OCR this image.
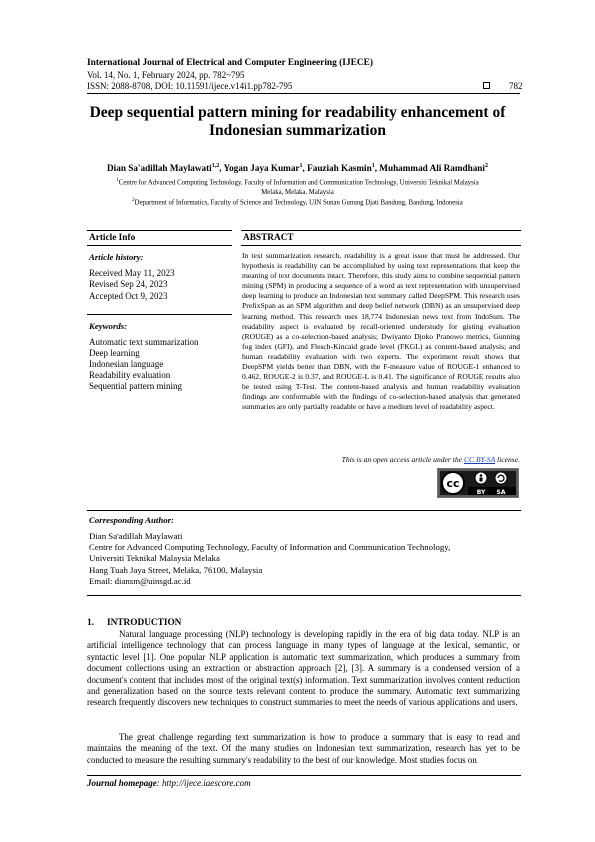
International Journal of Electrical and Computer Engineering (IJECE)
Vol. 14, No. 1, February 2024, pp. 782~795
ISSN: 2088-8708, DOI: 10.11591/ijece.v14i1.pp782-795	782
Deep sequential pattern mining for readability enhancement of
Indonesian summarization
Dian Sa'adillah Maylawati$^{1,2}$, Yogan Jaya Kumar$^1$, Fauziah Kasmin$^1$, Muhammad Ali Ramdhani$^2$
$^1$Centre for Advanced Computing Technology, Faculty of Information and Communication Technology, Universiti Teknikal Malaysia
Melaka, Melaka, Malaysia
$^2$Department of Informatics, Faculty of Science and Technology, UIN Sunan Gunung Djati Bandung, Bandung, Indonesia
Article Info
Article history:
Received May 11, 2023
Revised Sep 24, 2023
Accepted Oct 9, 2023
Keywords:
Automatic text summarization
Deep learning
Indonesian language
Readability evaluation
Sequential pattern mining
ABSTRACT
In text summarization research, readability is a great issue that must be addressed. Our hypothesis is readability can be accomplished by using text representations that keep the meaning of text documents intact. Therefore, this study aims to combine sequential pattern mining (SPM) in producing a sequence of a word as text representation with unsupervised deep learning to produce an Indonesian text summary called DeepSPM. This research uses PrefixSpan as an SPM algorithm and deep belief network (DBN) as an unsupervised deep learning method. This research uses 18,774 Indonesian news text from IndoSum. The readability aspect is evaluated by recall-oriented understudy for gisting evaluation (ROUGE) as a co-selection-based analysis; Dwiyanto Djoko Pranowo metrics, Gunning fog index (GFI), and Flesch-Kincaid grade level (FKGL) as content-based analysis; and human readability evaluation with two experts. The experiment result shows that DeepSPM yields better than DBN, with the F-measure value of ROUGE-1 enhanced to 0.462, ROUGE-2 is 0.37, and ROUGE-L is 0.41. The significance of ROUGE results also be tested using T-Test. The content-based analysis and human readability evaluation findings are conformable with the findings of co-selection-based analysis that generated summaries are only partially readable or have a medium level of readability aspect.
This is an open access article under the CC BY-SA license.
cc
BY SA
Corresponding Author:
Dian Sa'adillah Maylawati
Centre for Advanced Computing Technology, Faculty of Information and Communication Technology,
Universiti Teknikal Malaysia Melaka
Hang Tuah Jaya Street, Melaka, 76100, Malaysia
Email: diansm@uinsgd.ac.id
1. INTRODUCTION
Natural language processing (NLP) technology is developing rapidly in the era of big data today. NLP is an artificial intelligence technology that can process language in many types of language at the lexical, semantic, or syntactic level [1]. One popular NLP application is automatic text summarization, which produces a summary from document collections using an extraction or abstraction approach [2], [3]. A summary is a condensed version of a document's content that includes most of the original text(s) information. Text summarization involves content reduction and generalization based on the source texts relevant content to produce the summary. Automatic text summarizing research frequently discovers new techniques to construct summaries to meet the needs of various applications and users.
The great challenge regarding text summarization is how to produce a summary that is easy to read and maintains the meaning of the text. Of the many studies on Indonesian text summarization, research has yet to be conducted to measure the resulting summary's readability to the best of our knowledge. Most studies focus on
Journal homepage: http://ijece.iaescore.com
